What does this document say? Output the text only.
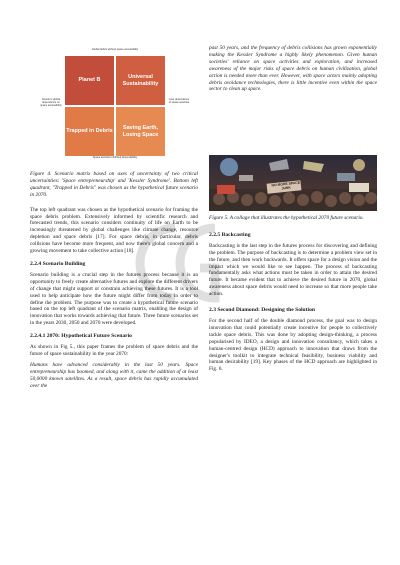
Global debris without space accessibility
Kessler's global dependence on space accessibility
Less dependence of space activities
Space activities inhibited dependability
Planet B
Universal Sustainability
Trapped in Debris
Saving Earth, Losing Space

Figure 4. Scenario matrix based on axes of uncertainty of two critical uncertainties: 'Space entrepreneurship' and 'Kessler Syndrome'. Bottom left quadrant, "Trapped in Debris" was chosen as the hypothetical future scenario in 2070.

The top left quadrant was chosen as the hypothetical scenario for framing the space debris problem. Extensively informed by scientific research and forecasted trends, this scenario considers continuity of life on Earth to be increasingly threatened by global challenges like climate change, resource depletion and space debris [17]. For space debris, in particular, debris collisions have become more frequent, and now there's global concern and a growing movement to take collective action [18].

2.2.4 Scenario Building

Scenario building is a crucial step in the futures process because it is an opportunity to freely create alternative futures and explore the different drivers of change that might support or constrain achieving these futures. It is a tool used to help anticipate how the future might differ from today in order to define the problem. The purpose was to create a hypothetical future scenario based on the top left quadrant of the scenario matrix, enabling the design of innovation that works towards achieving that future. Three future scenarios set in the years 2030, 2050 and 2070 were developed.

2.2.4.1 2070: Hypothetical Future Scenario

As shown in Fig 5., this paper frames the problem of space debris and the future of space sustainability in the year 2070:

Humans have advanced considerably in the last 50 years. Space entrepreneurship has boomed, and along with it, came the addition of at least 50,0000 known satellites. As a result, space debris has rapidly accumulated over the

past 50 years, and the frequency of debris collisions has grown exponentially making the Kessler Syndrome a highly likely phenomenon. Given human societies' reliance on space activities and exploration, and increased awareness of the major risks of space debris on human civilization, global action is needed more than ever. However, with space actors mainly adopting debris avoidance technologies, there is little incentive even within the space sector to clean up space.

NO MORE SPACE JUNK

Figure 5. A collage that illustrates the hypothetical 2070 future scenario.

2.2.5 Backcasting

Backcasting is the last step in the futures process for discovering and defining the problem. The purpose of backcasting is to determine a problem view set in the future, and then work backwards. It offers space for a design vision and the impact which we would like to see happen. The process of backcasting fundamentally asks what actions must be taken in order to attain the desired future. It became evident that to achieve the desired future in 2070, global awareness about space debris would need to increase so that more people take action.

2.3 Second Diamond: Designing the Solution

For the second half of the double diamond process, the goal was to design innovation that could potentially create incentive for people to collectively tackle space debris. This was done by adopting design-thinking, a process popularised by IDEO, a design and innovation consultancy, which takes a human-centred design (HCD) approach to innovation that draws from the designer's toolkit to integrate technical feasibility, business viability and human desirability [19]. Key phases of the HCD approach are highlighted in Fig. 6.
